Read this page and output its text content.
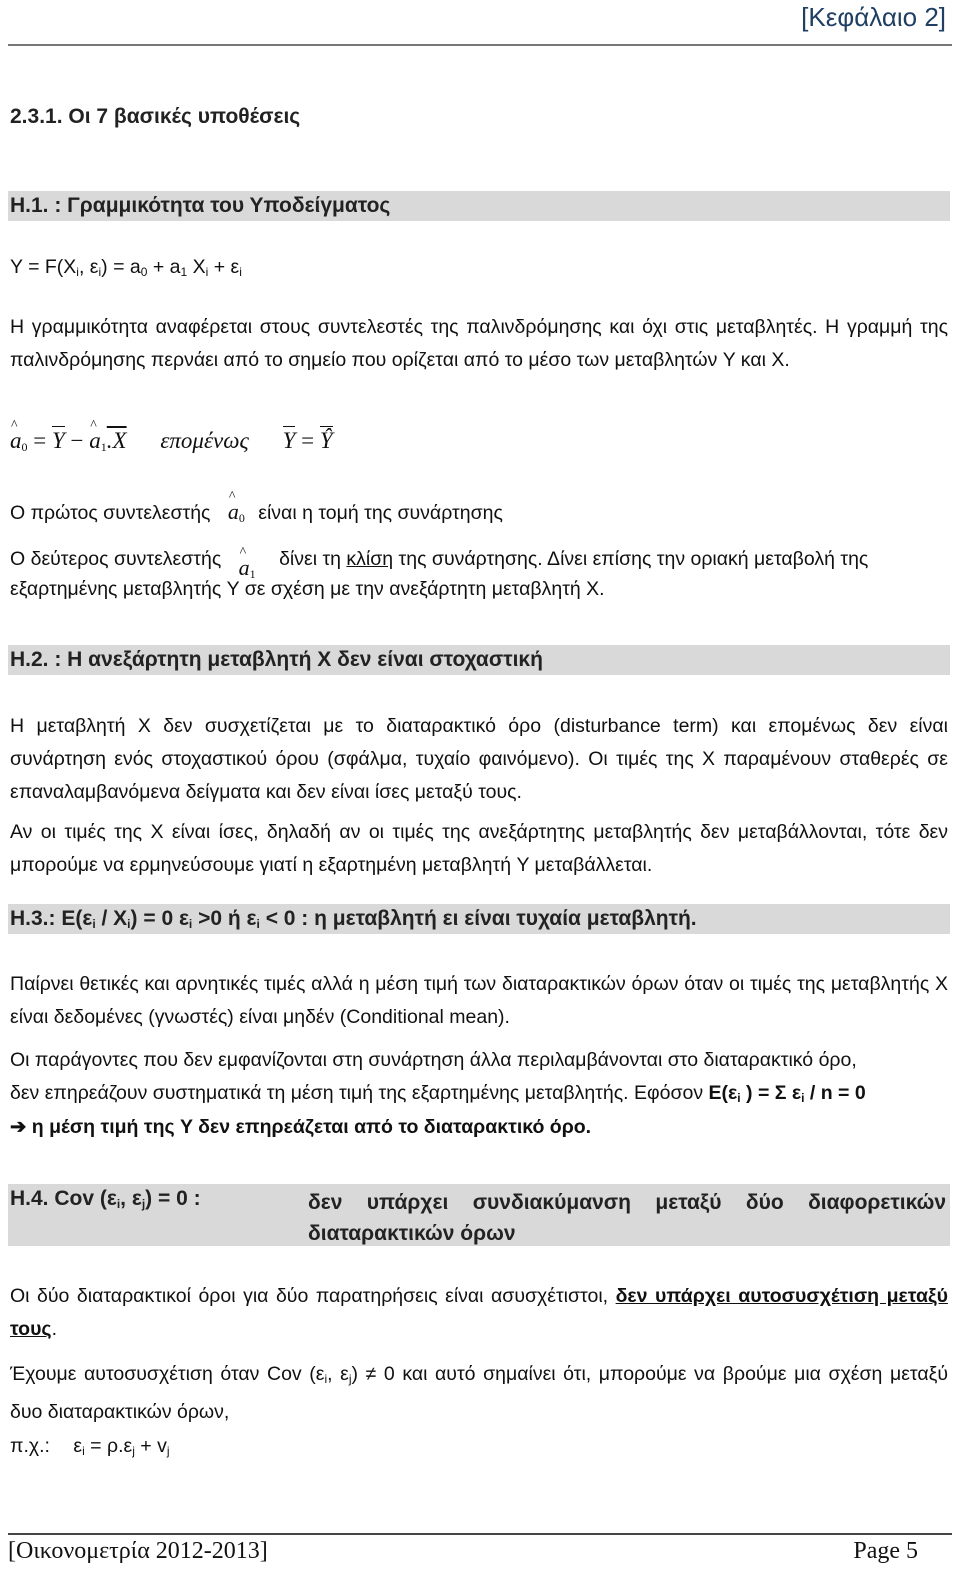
[Κεφάλαιο 2]
2.3.1. Οι 7 βασικές υποθέσεις
Η.1. : Γραμμικότητα του Υποδείγματος
$Y = F(X_i$, $\varepsilon_i) = a_0 + a_1$ $X_i + \varepsilon_i$
Η γραμμικότητα αναφέρεται στους συντελεστές της παλινδρόμησης και όχι στις μεταβλητές. Η γραμμή της παλινδρόμησης περνάει από το σημείο που ορίζεται από το μέσο των μεταβλητών Y και X.
^ $a_0 = Y$ − ^ $a_1.X$ επομένως Y = Ŷ
Ο πρώτος συντελεστής ^ $a_0$ είναι η τομή της συνάρτησης
Ο δεύτερος συντελεστής ^ $a_1$ δίνει τη κλίση της συνάρτησης. Δίνει επίσης την οριακή μεταβολή της
εξαρτημένης μεταβλητής Y σε σχέση με την ανεξάρτητη μεταβλητή X.
Η.2. : Η ανεξάρτητη μεταβλητή X δεν είναι στοχαστική
Η μεταβλητή X δεν συσχετίζεται με το διαταρακτικό όρο (disturbance term) και επομένως δεν είναι συνάρτηση ενός στοχαστικού όρου (σφάλμα, τυχαίο φαινόμενο). Οι τιμές της X παραμένουν σταθερές σε επαναλαμβανόμενα δείγματα και δεν είναι ίσες μεταξύ τους.
Αν οι τιμές της X είναι ίσες, δηλαδή αν οι τιμές της ανεξάρτητης μεταβλητής δεν μεταβάλλονται, τότε δεν μπορούμε να ερμηνεύσουμε γιατί η εξαρτημένη μεταβλητή Y μεταβάλλεται.
Η.3.: $E(\varepsilon_i / X_i) = 0$ $\varepsilon_i >0$ ή $\varepsilon_i < 0$ : η μεταβλητή ει είναι τυχαία μεταβλητή.
Παίρνει θετικές και αρνητικές τιμές αλλά η μέση τιμή των διαταρακτικών όρων όταν οι τιμές της μεταβλητής X είναι δεδομένες (γνωστές) είναι μηδέν (Conditional mean).
Οι παράγοντες που δεν εμφανίζονται στη συνάρτηση άλλα περιλαμβάνονται στο διαταρακτικό όρο,
δεν επηρεάζουν συστηματικά τη μέση τιμή της εξαρτημένης μεταβλητής. Εφόσον $E(\varepsilon_i$ ) = Σ $\varepsilon_i / n = 0$
➔ η μέση τιμή της Y δεν επηρεάζεται από το διαταρακτικό όρο.
Η.4. Cov ($\varepsilon_i$, $\varepsilon_j) = 0$ :	δεν υπάρχει συνδιακύμανση μεταξύ δύο διαφορετικών διαταρακτικών όρων
Οι δύο διαταρακτικοί όροι για δύο παρατηρήσεις είναι ασυσχέτιστοι, δεν υπάρχει αυτοσυσχέτιση μεταξύ τους.
Έχουμε αυτοσυσχέτιση όταν Cov ($\varepsilon_i$, $\varepsilon_j) \ne 0$ και αυτό σημαίνει ότι, μπορούμε να βρούμε μια σχέση μεταξύ δυο διαταρακτικών όρων,
π.χ.: $\varepsilon_i = \rho.\varepsilon_j + v_j$
[Οικονομετρία 2012-2013]	Page 5
